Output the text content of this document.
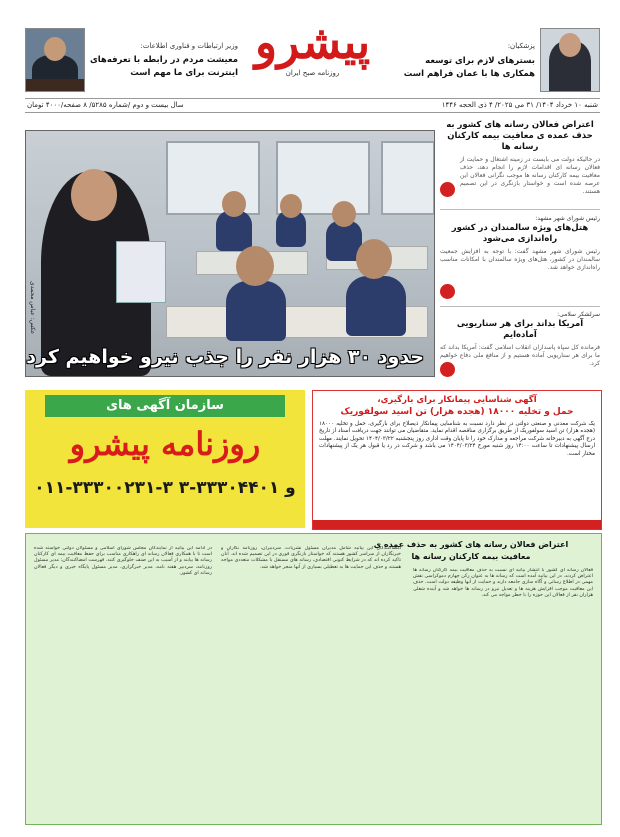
پزشکیان:
بسترهای لازم برای توسعه
همکاری ها با عمان فراهم است
پیشرو
روزنامه صبح ایران
وزیر ارتباطات و فناوری اطلاعات:
معیشت مردم در رابطه با تعرفه‌های
اینترنت برای ما مهم است
شنبه ۱۰ خرداد ۱۴۰۴/ ۳۱ می ۲۰۲۵/ ۴ ذی الحجه ۱۴۴۶
سال بیست و دوم /شماره ۵۲۸۵/ ۸ صفحه/۴۰۰۰ تومان
حدود ۳۰ هزار نفر را جذب نیرو خواهیم کرد
عکس: عباس محمدی
اعتراض فعالان رسانه های کشور به حذف عمده ی معافیت بیمه کارکنان رسانه ها
در حالیکه دولت می بایست در زمینه اشتغال و حمایت از فعالان رسانه ای اقدامات لازم را انجام دهد، حذف معافیت بیمه کارکنان رسانه ها موجب نگرانی فعالان این عرصه شده است و خواستار بازنگری در این تصمیم هستند.
رئیس شورای شهر مشهد:
هتل‌های ویژه سالمندان در کشور راه‌اندازی می‌شود
رئیس شورای شهر مشهد گفت: با توجه به افزایش جمعیت سالمندان در کشور، هتل‌های ویژه سالمندان با امکانات مناسب راه‌اندازی خواهد شد.
سرلشکر سلامی:
آمریکا بداند برای هر سناریویی آماده‌ایم
فرمانده کل سپاه پاسداران انقلاب اسلامی گفت: آمریکا بداند که ما برای هر سناریویی آماده هستیم و از منافع ملی دفاع خواهیم کرد.
سازمان آگهی های
روزنامه پیشرو
۰۱۱-۳۳۳۰۰۲۳۱-۳ و ۳۳۳۰۴۴۰۱-۳
آگهی شناسایی پیمانکار برای بارگیری،
حمل و تخلیه ۱۸۰۰۰ (هجده هزار) تن اسید سولفوریک
یک شرکت معدنی و صنعتی دولتی در نظر دارد نسبت به شناسایی پیمانکار ذیصلاح برای بارگیری، حمل و تخلیه ۱۸۰۰۰ (هجده هزار) تن اسید سولفوریک از طریق برگزاری مناقصه اقدام نماید. متقاضیان می توانند جهت دریافت اسناد از تاریخ درج آگهی به دبیرخانه شرکت مراجعه و مدارک خود را تا پایان وقت اداری روز پنجشنبه ۱۴۰۴/۰۳/۲۲ تحویل نمایند. مهلت ارسال پیشنهادات تا ساعت ۱۴:۰۰ روز شنبه مورخ ۱۴۰۴/۰۳/۲۴ می باشد و شرکت در رد یا قبول هر یک از پیشنهادات مختار است.
اعتراض فعالان رسانه های کشور به حذف عمده ی
معافیت بیمه کارکنان رسانه ها
فعالان رسانه ای کشور با انتشار بیانیه ای نسبت به حذف معافیت بیمه کارکنان رسانه ها اعتراض کردند. در این بیانیه آمده است که رسانه ها به عنوان رکن چهارم دموکراسی نقش مهمی در اطلاع رسانی و آگاه سازی جامعه دارند و حمایت از آنها وظیفه دولت است. حذف این معافیت موجب افزایش هزینه ها و تعدیل نیرو در رسانه ها خواهد شد و آینده شغلی هزاران نفر از فعالان این حوزه را با خطر مواجه می کند.
امضاکنندگان این بیانیه شامل مدیران مسئول نشریات، سردبیران، روزنامه نگاران و خبرنگاران از سراسر کشور هستند که خواستار بازنگری فوری در این تصمیم شده اند. آنان تاکید کرده اند که در شرایط کنونی اقتصادی، رسانه های مستقل با مشکلات متعددی مواجه هستند و حذف این حمایت ها به تعطیلی بسیاری از آنها منجر خواهد شد.
در ادامه این بیانیه از نمایندگان مجلس شورای اسلامی و مسئولان دولتی خواسته شده است تا با همکاری فعالان رسانه ای راهکاری مناسب برای حفظ معافیت بیمه ای کارکنان رسانه ها بیابند و از آسیب به این صنف جلوگیری کنند. فهرست امضاکنندگان: مدیر مسئول روزنامه، سردبیر هفته نامه، مدیر خبرگزاری، مدیر مسئول پایگاه خبری و دیگر فعالان رسانه ای کشور.
